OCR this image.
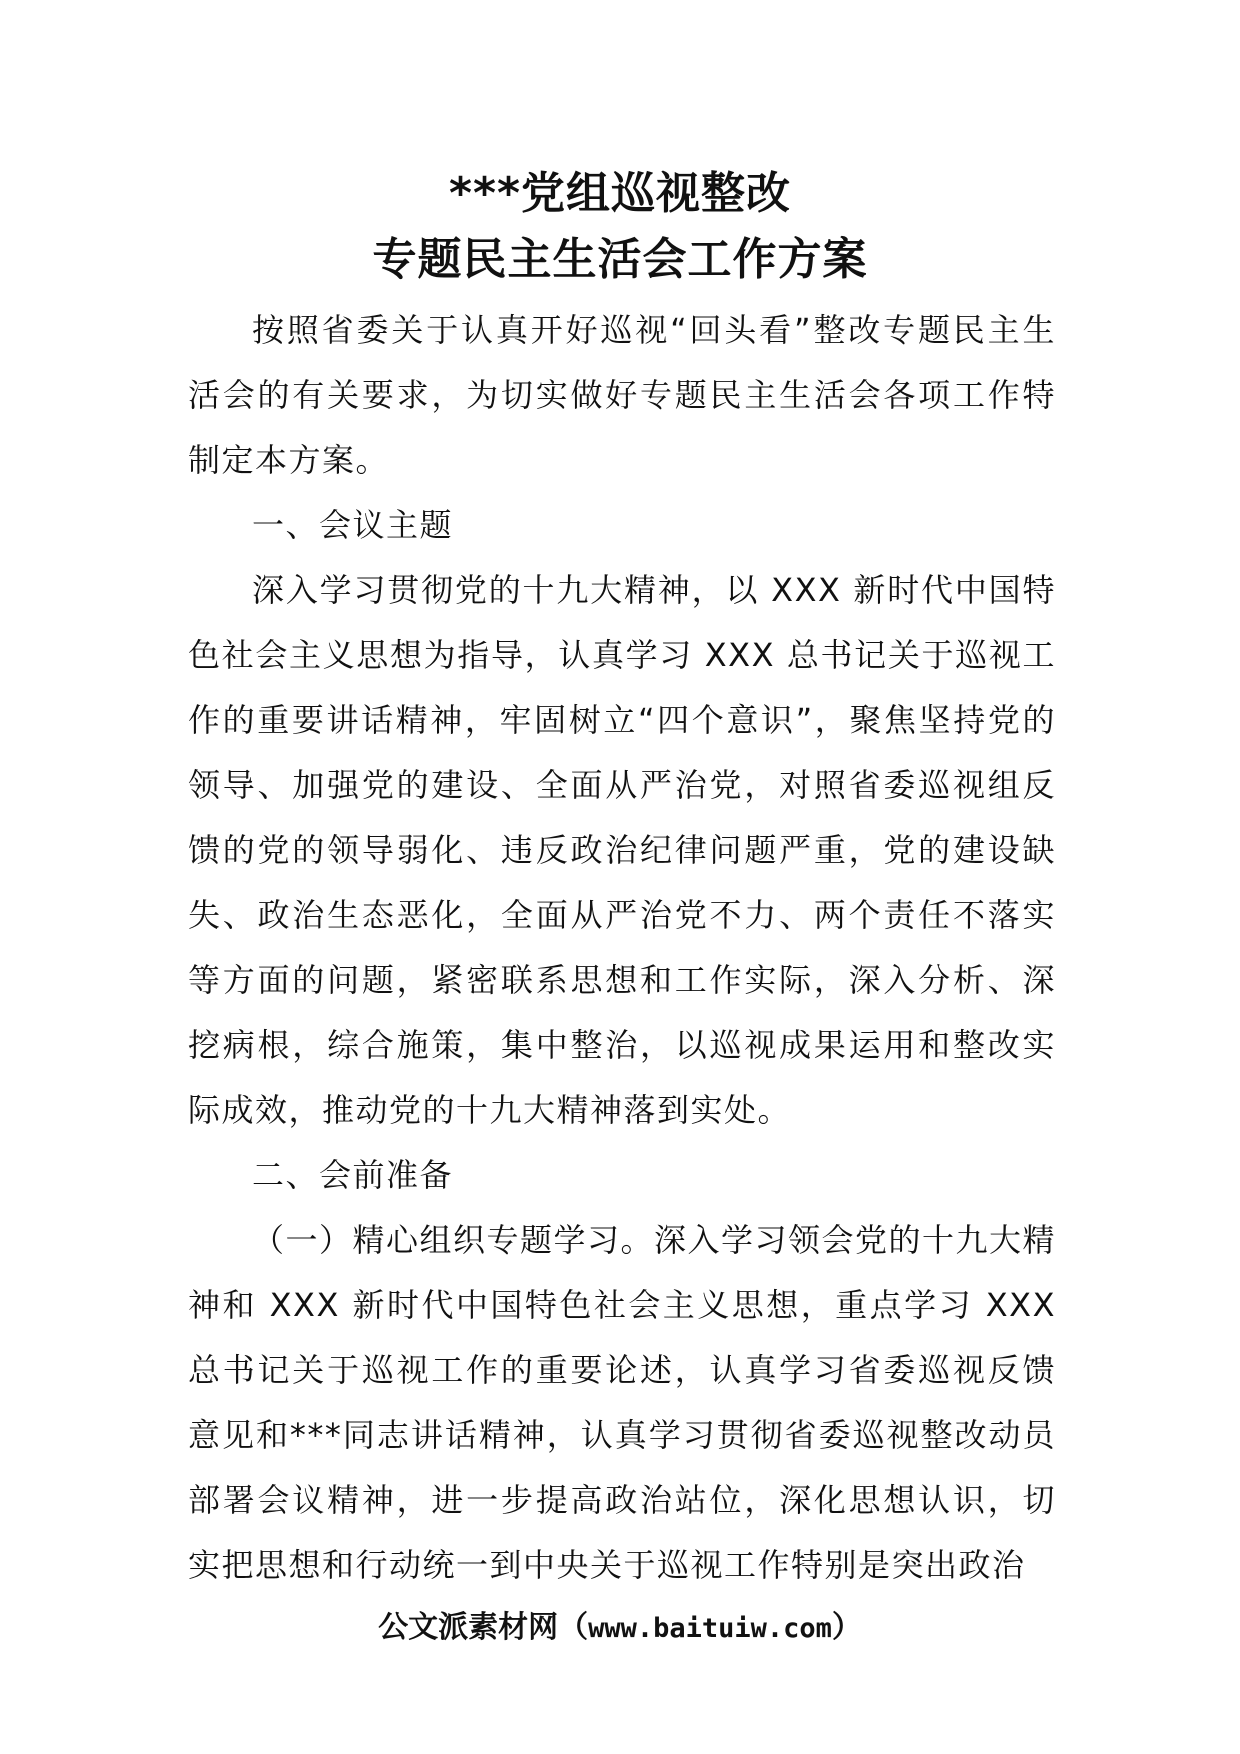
***党组巡视整改
专题民主生活会工作方案

按照省委关于认真开好巡视“回头看”整改专题民主生活会的有关要求，为切实做好专题民主生活会各项工作特制定本方案。

一、会议主题

深入学习贯彻党的十九大精神，以 XXX 新时代中国特色社会主义思想为指导，认真学习 XXX 总书记关于巡视工作的重要讲话精神，牢固树立“四个意识”，聚焦坚持党的领导、加强党的建设、全面从严治党，对照省委巡视组反馈的党的领导弱化、违反政治纪律问题严重，党的建设缺失、政治生态恶化，全面从严治党不力、两个责任不落实等方面的问题，紧密联系思想和工作实际，深入分析、深挖病根，综合施策，集中整治，以巡视成果运用和整改实际成效，推动党的十九大精神落到实处。

二、会前准备

（一）精心组织专题学习。深入学习领会党的十九大精神和 XXX 新时代中国特色社会主义思想，重点学习 XXX 总书记关于巡视工作的重要论述，认真学习省委巡视反馈意见和***同志讲话精神，认真学习贯彻省委巡视整改动员部署会议精神，进一步提高政治站位，深化思想认识，切实把思想和行动统一到中央关于巡视工作特别是突出政治

公文派素材网（www.baituiw.com）
